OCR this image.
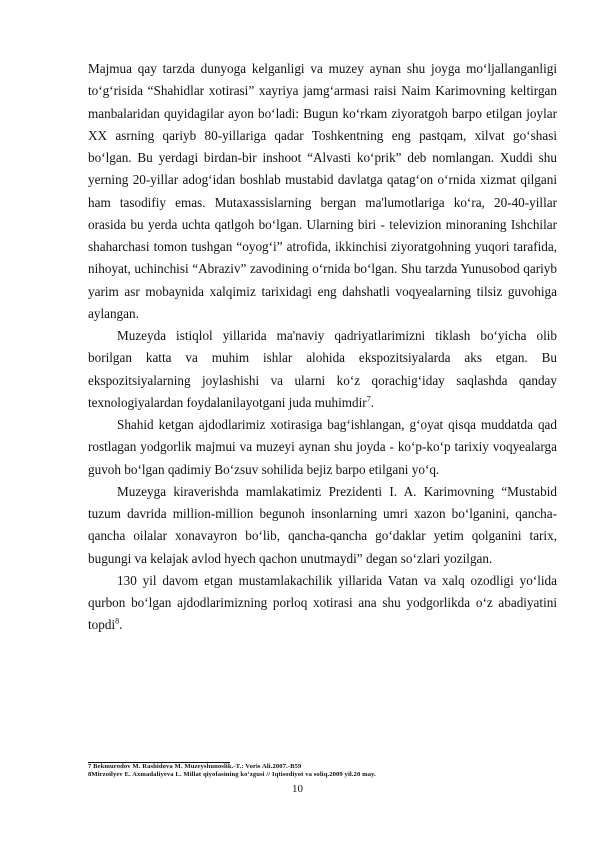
Majmua qay tarzda dunyoga kelganligi va muzey aynan shu joyga mo‘ljallanganligi to‘g‘risida “Shahidlar xotirasi” xayriya jamg‘armasi raisi Naim Karimovning keltirgan manbalaridan quyidagilar ayon bo‘ladi: Bugun ko‘rkam ziyoratgoh barpo etilgan joylar XX asrning qariyb 80-yillariga qadar Toshkentning eng pastqam, xilvat go‘shasi bo‘lgan. Bu yerdagi birdan-bir inshoot “Alvasti ko‘prik” deb nomlangan. Xuddi shu yerning 20-yillar adog‘idan boshlab mustabid davlatga qatag‘on o‘rnida xizmat qilgani ham tasodifiy emas. Mutaxassislarning bergan ma'lumotlariga ko‘ra, 20-40-yillar orasida bu yerda uchta qatlgoh bo‘lgan. Ularning biri - televizion minoraning Ishchilar shaharchasi tomon tushgan “oyog‘i” atrofida, ikkinchisi ziyoratgohning yuqori tarafida, nihoyat, uchinchisi “Abraziv” zavodining o‘rnida bo‘lgan. Shu tarzda Yunusobod qariyb yarim asr mobaynida xalqimiz tarixidagi eng dahshatli voqyealarning tilsiz guvohiga aylangan.

Muzeyda istiqlol yillarida ma'naviy qadriyatlarimizni tiklash bo‘yicha olib borilgan katta va muhim ishlar alohida ekspozitsiyalarda aks etgan. Bu ekspozitsiyalarning joylashishi va ularni ko‘z qorachig‘iday saqlashda qanday texnologiyalardan foydalanilayotgani juda muhimdir$^7$.

Shahid ketgan ajdodlarimiz xotirasiga bag‘ishlangan, g‘oyat qisqa muddatda qad rostlagan yodgorlik majmui va muzeyi aynan shu joyda - ko‘p-ko‘p tarixiy voqyealarga guvoh bo‘lgan qadimiy Bo‘zsuv sohilida bejiz barpo etilgani yo‘q.

Muzeyga kiraverishda mamlakatimiz Prezidenti I. A. Karimovning “Mustabid tuzum davrida million-million begunoh insonlarning umri xazon bo‘lganini, qancha-qancha oilalar xonavayron bo‘lib, qancha-qancha go‘daklar yetim qolganini tarix, bugungi va kelajak avlod hyech qachon unutmaydi” degan so‘zlari yozilgan.

130 yil davom etgan mustamlakachilik yillarida Vatan va xalq ozodligi yo‘lida qurbon bo‘lgan ajdodlarimizning porloq xotirasi ana shu yodgorlikda o‘z abadiyatini topdi$^8$.

7 Bekmurodov M. Rashidova M. Muzeyshunoslik.-T.: Voris Ali.2007.-B59
8Mirzoilyev E. Axmadaliyeva L. Millat qiyofasining ko‘zgusi // Iqtisodiyot va soliq.2009 yil.20 may.
10
